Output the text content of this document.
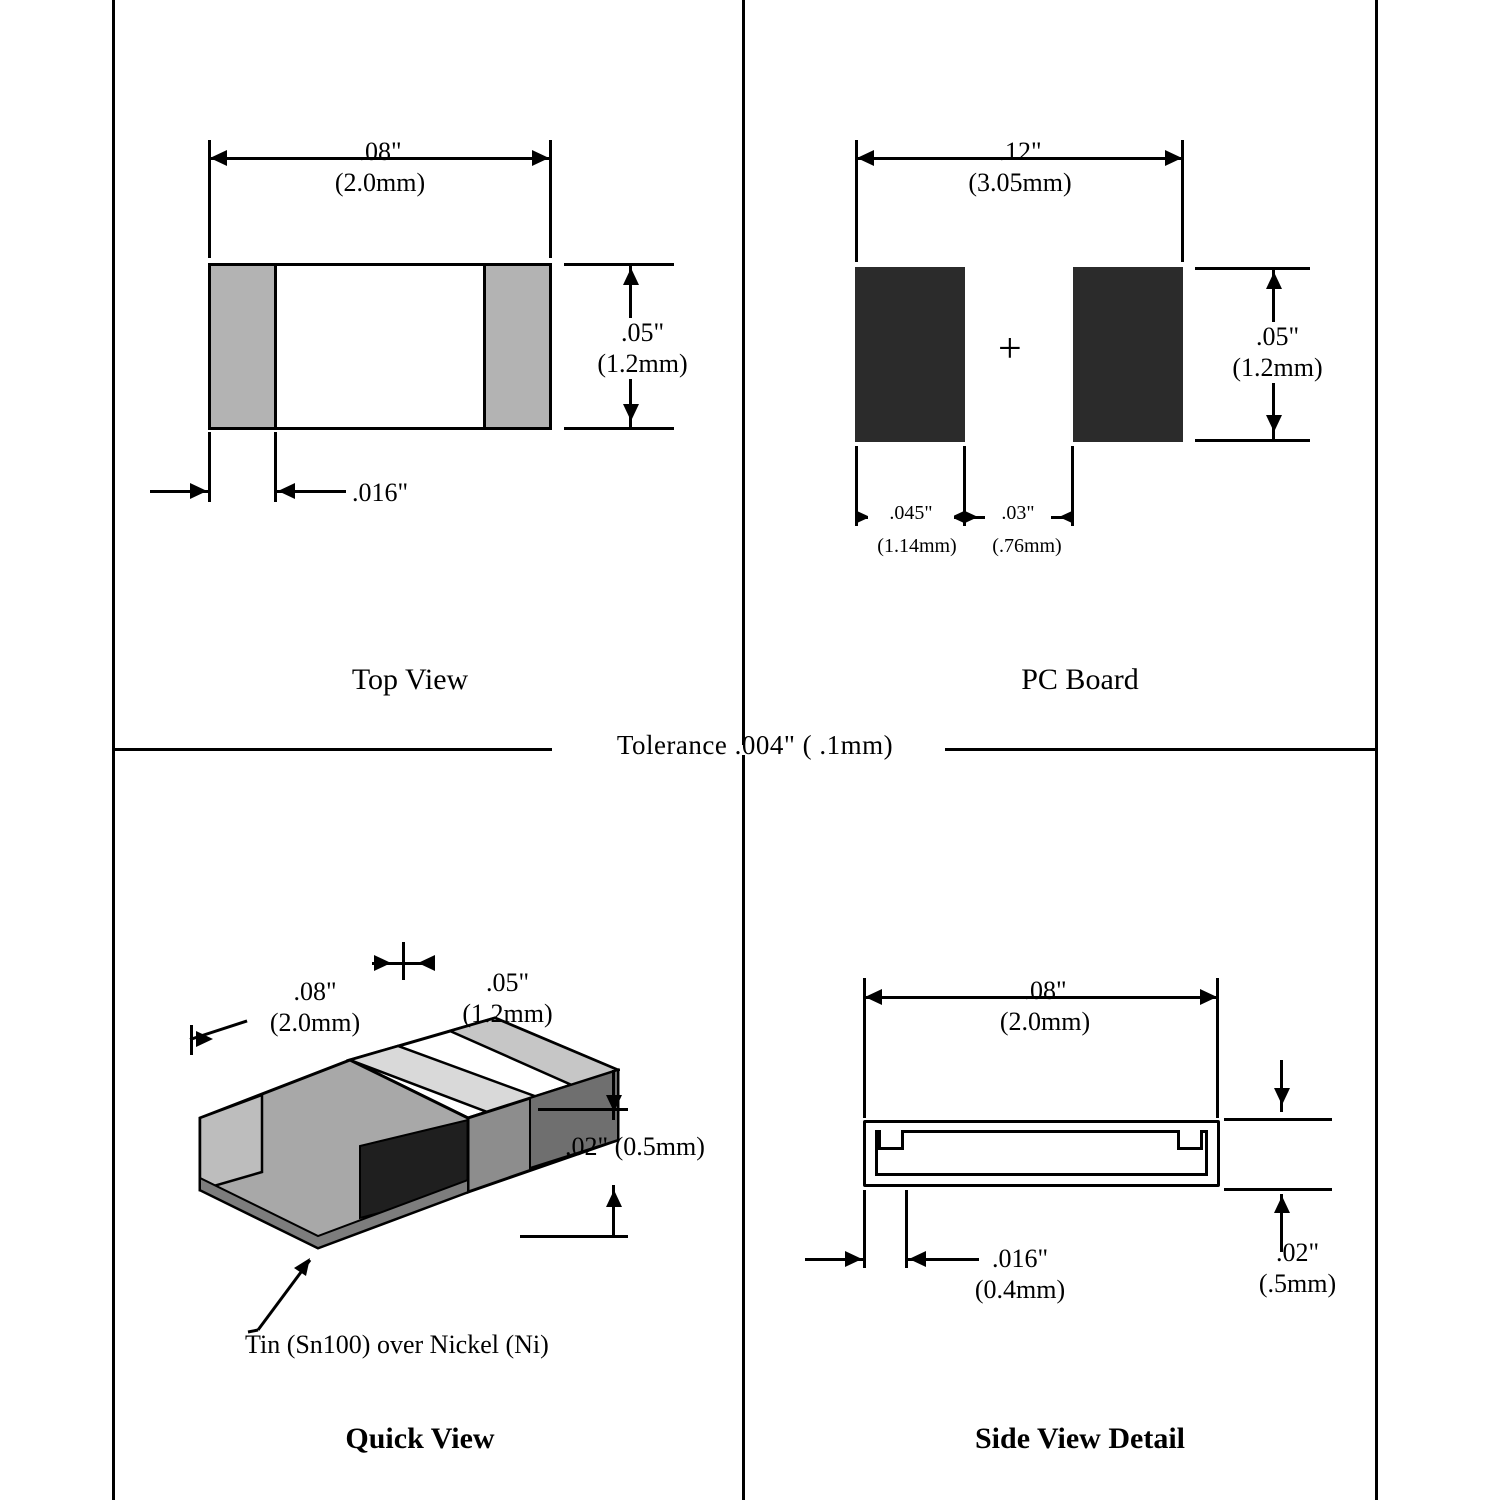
Tolerance .004" ( .1mm)
.08"
(2.0mm)
.05"
(1.2mm)
.016"
Top View
.12"
(3.05mm)
+	.05"
(1.2mm)
.045"
(1.14mm)
.03"
(.76mm)
PC Board
.08"
(2.0mm)
.05"
(1.2mm)
.02" (0.5mm)
Tin (Sn100) over Nickel (Ni)
Quick View
.08"
(2.0mm)
.02"
(.5mm)
.016"
(0.4mm)
Side View Detail
